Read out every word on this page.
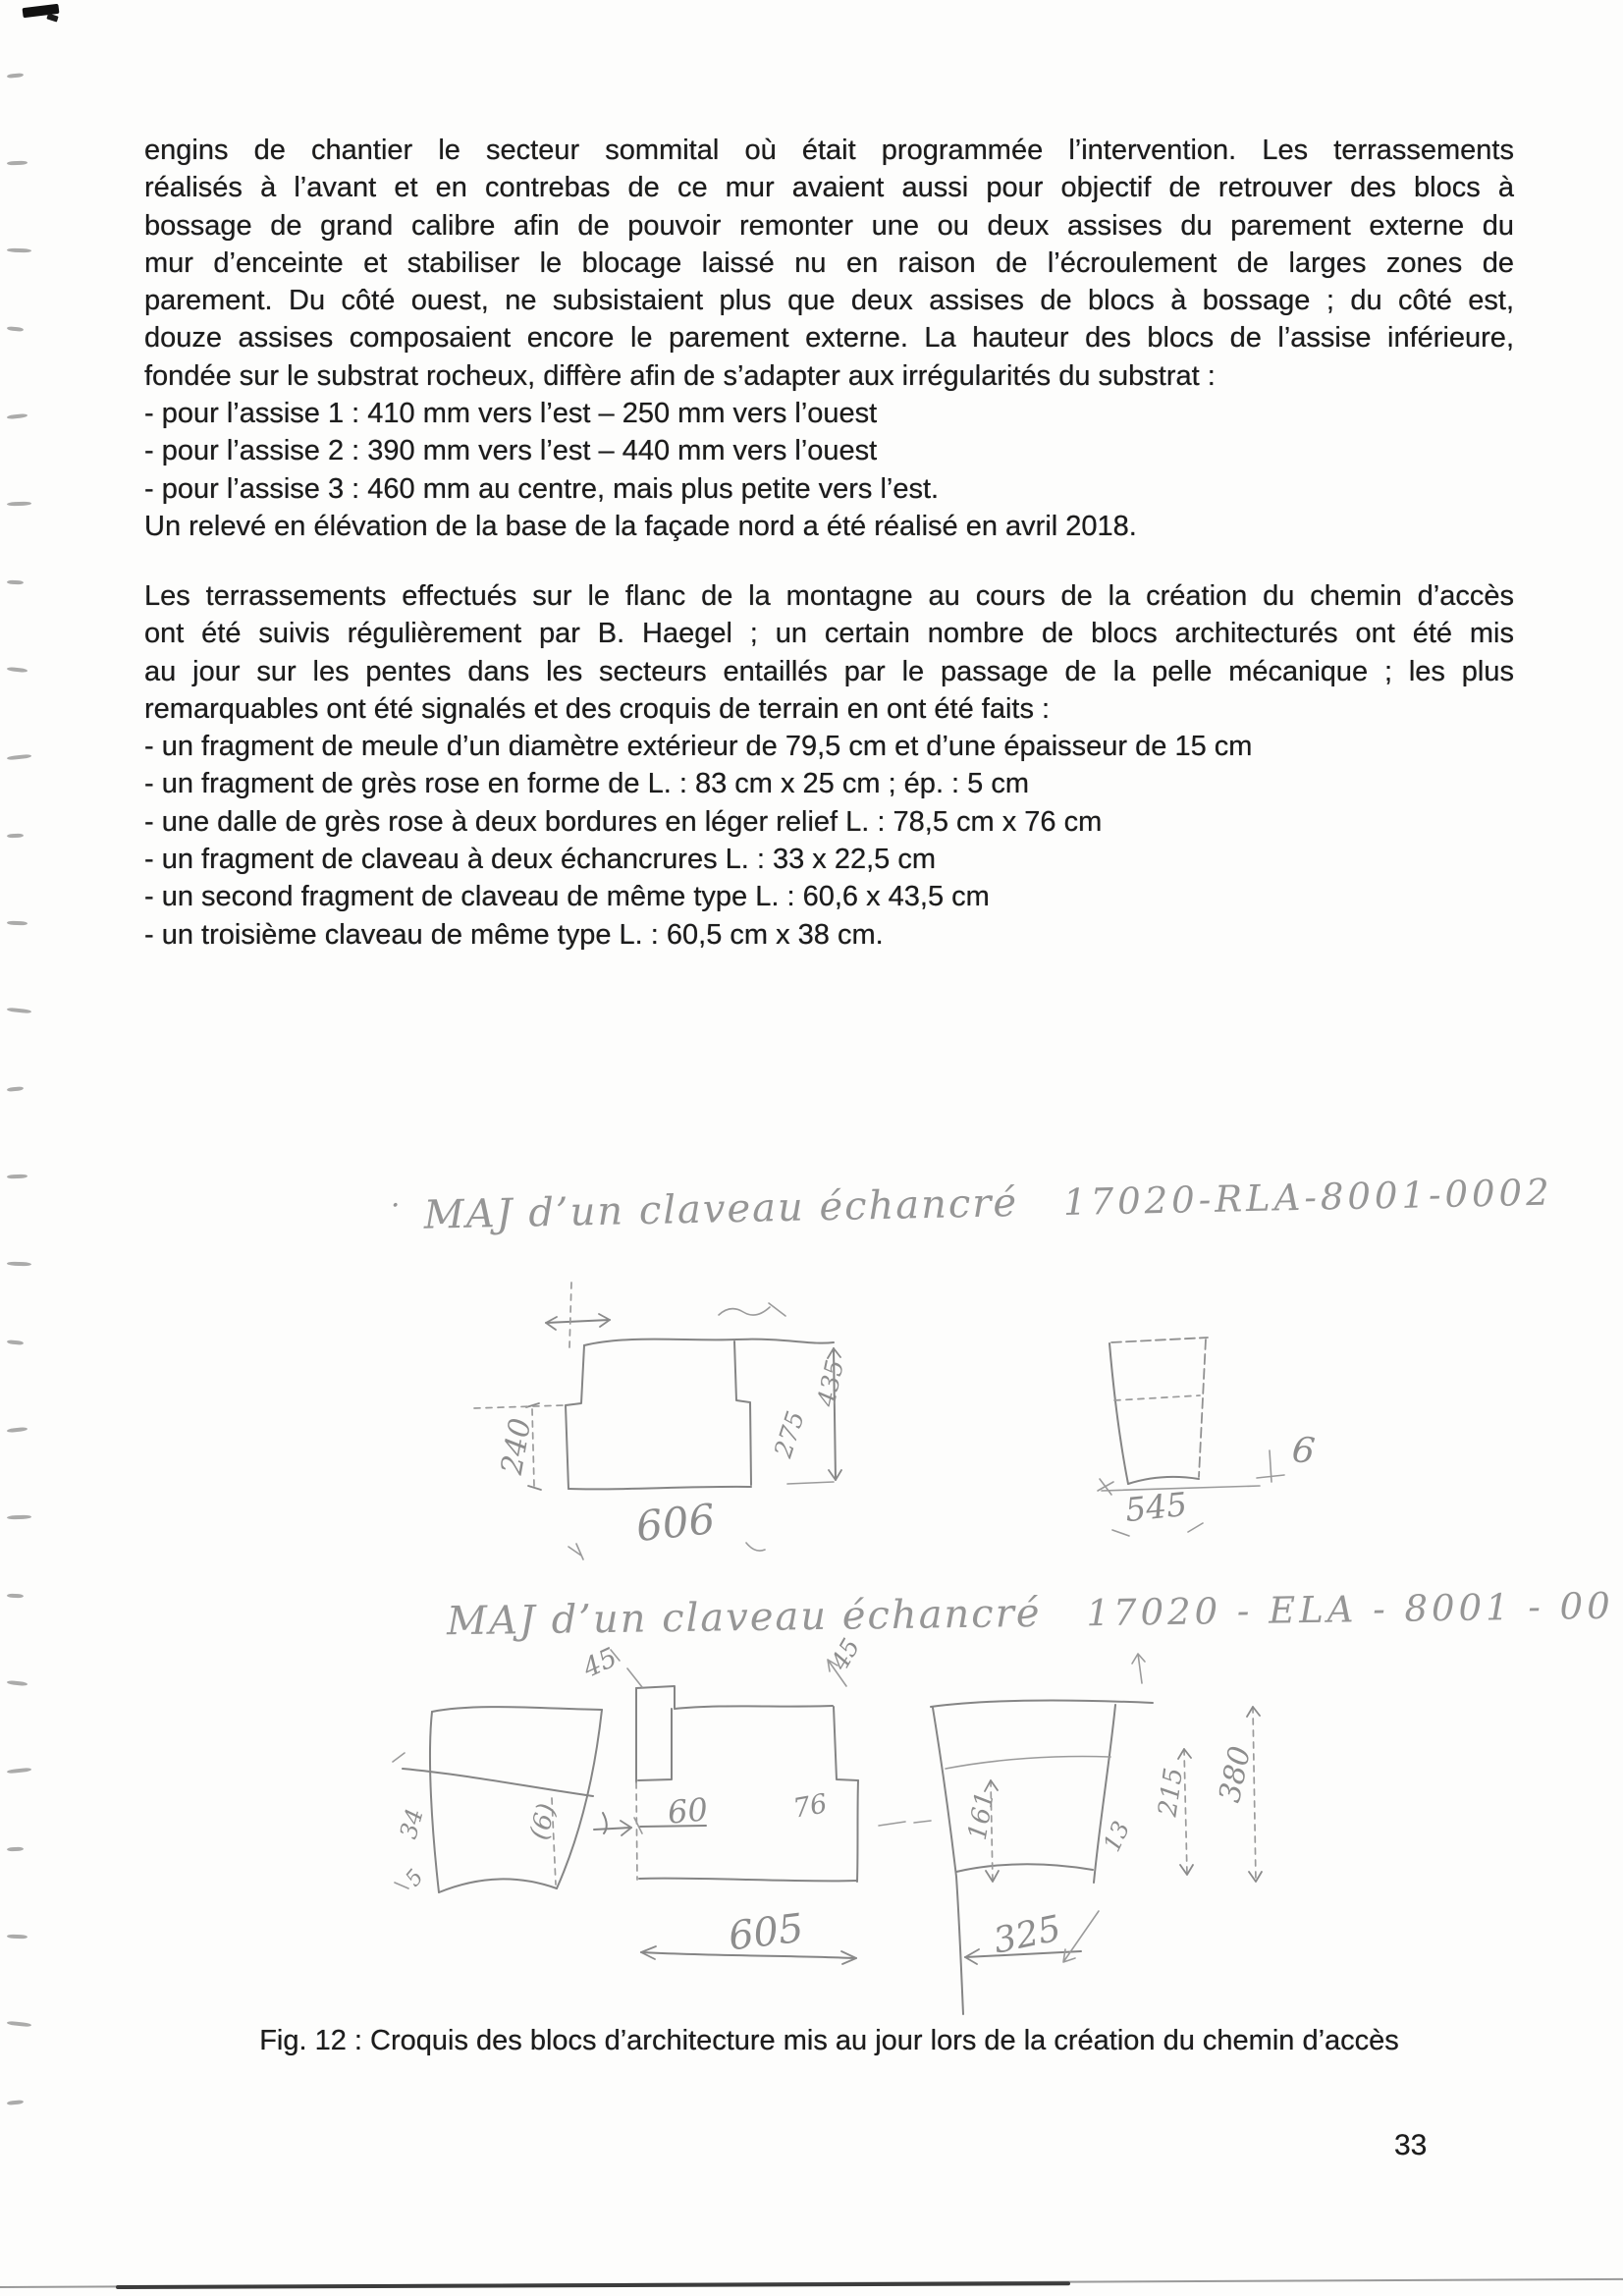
engins de chantier le secteur sommital où était programmée l’intervention. Les terrassements
réalisés à l’avant et en contrebas de ce mur avaient aussi pour objectif de retrouver des blocs à
bossage de grand calibre afin de pouvoir remonter une ou deux assises du parement externe du
mur d’enceinte et stabiliser le blocage laissé nu en raison de l’écroulement de larges zones de
parement. Du côté ouest, ne subsistaient plus que deux assises de blocs à bossage ; du côté est,
douze assises composaient encore le parement externe. La hauteur des blocs de l’assise inférieure,
fondée sur le substrat rocheux, diffère afin de s’adapter aux irrégularités du substrat :
- pour l’assise 1 : 410 mm vers l’est – 250 mm vers l’ouest
- pour l’assise 2 : 390 mm vers l’est – 440 mm vers l’ouest
- pour l’assise 3 : 460 mm au centre, mais plus petite vers l’est.
Un relevé en élévation de la base de la façade nord a été réalisé en avril 2018.
Les terrassements effectués sur le flanc de la montagne au cours de la création du chemin d’accès
ont été suivis régulièrement par B. Haegel ; un certain nombre de blocs architecturés ont été mis
au jour sur les pentes dans les secteurs entaillés par le passage de la pelle mécanique ; les plus
remarquables ont été signalés et des croquis de terrain en ont été faits :
- un fragment de meule d’un diamètre extérieur de 79,5 cm et d’une épaisseur de 15 cm
- un fragment de grès rose en forme de L. : 83 cm x 25 cm ; ép. : 5 cm
- une dalle de grès rose à deux bordures en léger relief L. : 78,5 cm x 76 cm
- un fragment de claveau à deux échancrures L. : 33 x 22,5 cm
- un second fragment de claveau de même type L. : 60,6 x 43,5 cm
- un troisième claveau de même type L. : 60,5 cm x 38 cm.
· MAJ d’un claveau échancré 17020-RLA-8001-0002
MAJ d’un claveau échancré 17020 - ELA - 8001 - 00
240
606
275
435
6
545
34
5
(6)
45	45
60	76
605	325
161	13
215 380
Fig. 12 : Croquis des blocs d’architecture mis au jour lors de la création du chemin d’accès
33
